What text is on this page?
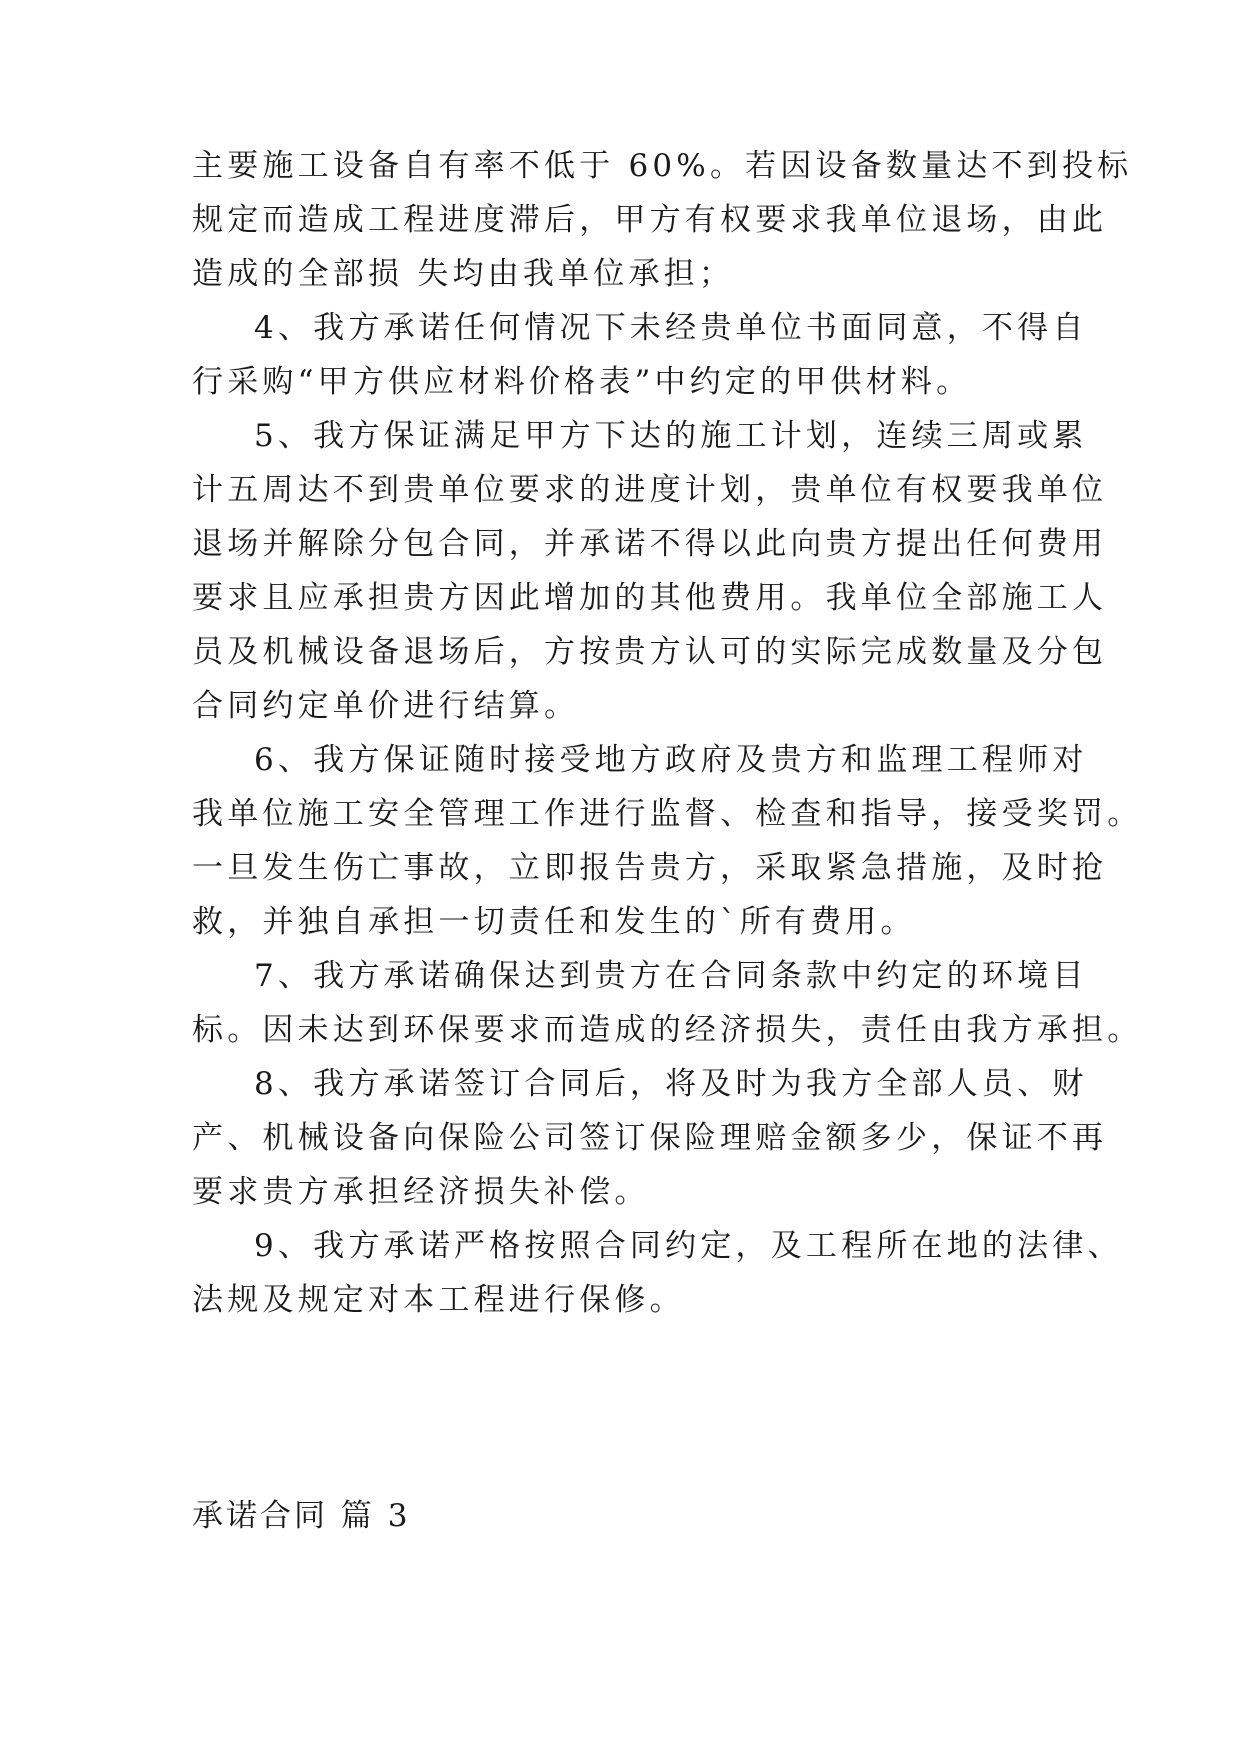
主要施工设备自有率不低于 60%。若因设备数量达不到投标
规定而造成工程进度滞后，甲方有权要求我单位退场，由此
造成的全部损 失均由我单位承担；
4、我方承诺任何情况下未经贵单位书面同意，不得自
行采购“甲方供应材料价格表”中约定的甲供材料。
5、我方保证满足甲方下达的施工计划，连续三周或累
计五周达不到贵单位要求的进度计划，贵单位有权要我单位
退场并解除分包合同，并承诺不得以此向贵方提出任何费用
要求且应承担贵方因此增加的其他费用。我单位全部施工人
员及机械设备退场后，方按贵方认可的实际完成数量及分包
合同约定单价进行结算。
6、我方保证随时接受地方政府及贵方和监理工程师对
我单位施工安全管理工作进行监督、检查和指导，接受奖罚。
一旦发生伤亡事故，立即报告贵方，采取紧急措施，及时抢
救，并独自承担一切责任和发生的`所有费用。
7、我方承诺确保达到贵方在合同条款中约定的环境目
标。因未达到环保要求而造成的经济损失，责任由我方承担。
8、我方承诺签订合同后，将及时为我方全部人员、财
产、机械设备向保险公司签订保险理赔金额多少，保证不再
要求贵方承担经济损失补偿。
9、我方承诺严格按照合同约定，及工程所在地的法律、
法规及规定对本工程进行保修。
承诺合同 篇 3
